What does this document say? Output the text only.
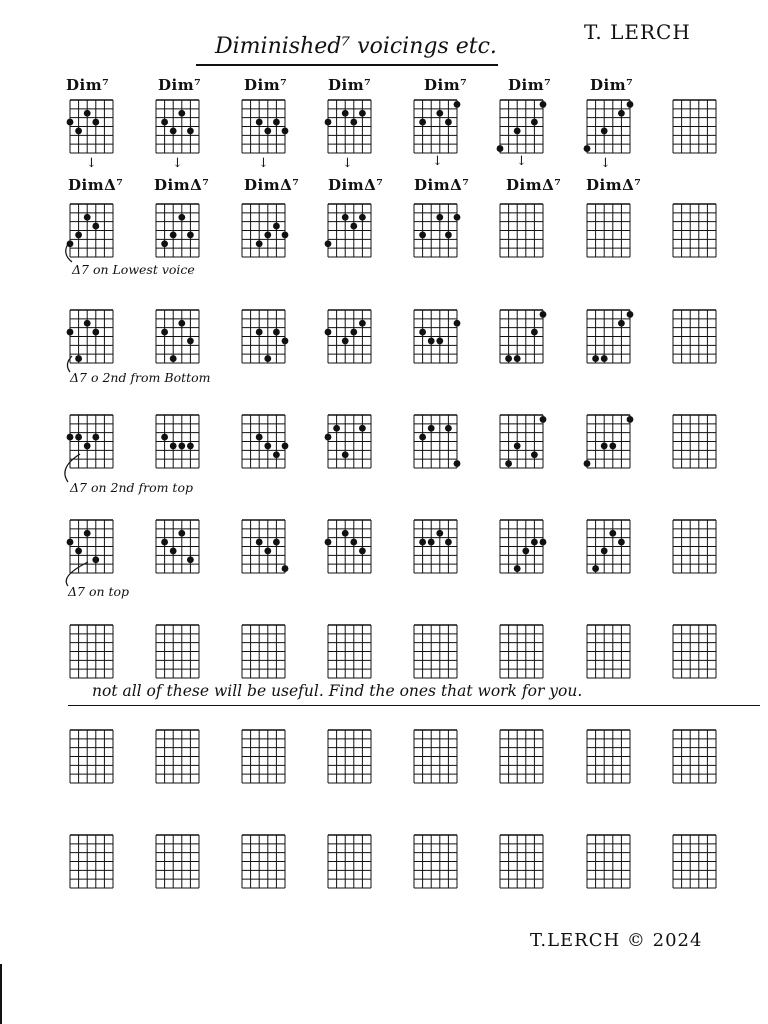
Diminished⁷ voicings etc.
T. LERCH
Dim⁷	Dim⁷	Dim⁷	Dim⁷	Dim⁷	Dim⁷	Dim⁷
↓	↓	↓	↓	↓	↓	↓
DimΔ⁷ DimΔ⁷ DimΔ⁷ DimΔ⁷ DimΔ⁷ DimΔ⁷ DimΔ⁷
Δ7 on Lowest voice
Δ7 o 2nd from Bottom
Δ7 on 2nd from top
Δ7 on top
not all of these will be useful. Find the ones that work for you.
T.LERCH © 2024
